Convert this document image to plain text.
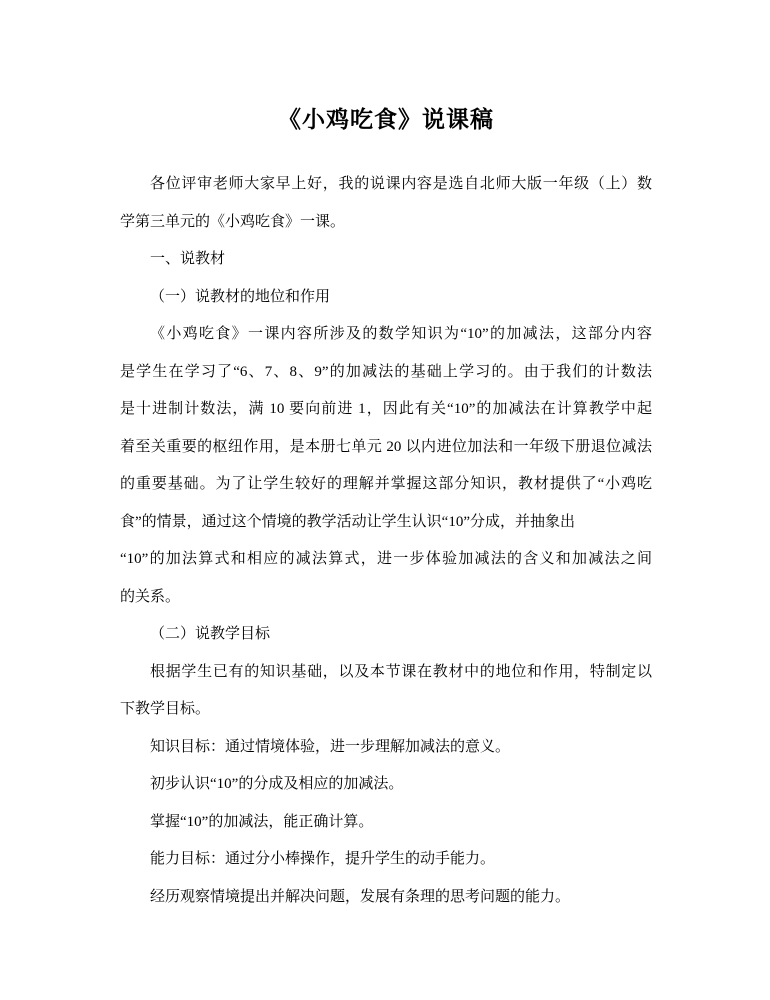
《小鸡吃食》说课稿
各位评审老师大家早上好，我的说课内容是选自北师大版一年级（上）数
学第三单元的《小鸡吃食》一课。
一、说教材
（一）说教材的地位和作用
《小鸡吃食》一课内容所涉及的数学知识为“10”的加减法，这部分内容
是学生在学习了“6、7、8、9”的加减法的基础上学习的。由于我们的计数法
是十进制计数法，满 10 要向前进 1，因此有关“10”的加减法在计算教学中起
着至关重要的枢纽作用，是本册七单元 20 以内进位加法和一年级下册退位减法
的重要基础。为了让学生较好的理解并掌握这部分知识，教材提供了“小鸡吃
食”的情景，通过这个情境的教学活动让学生认识“10”分成，并抽象出
“10”的加法算式和相应的减法算式，进一步体验加减法的含义和加减法之间
的关系。
（二）说教学目标
根据学生已有的知识基础，以及本节课在教材中的地位和作用，特制定以
下教学目标。
知识目标：通过情境体验，进一步理解加减法的意义。
初步认识“10”的分成及相应的加减法。
掌握“10”的加减法，能正确计算。
能力目标：通过分小棒操作，提升学生的动手能力。
经历观察情境提出并解决问题，发展有条理的思考问题的能力。
